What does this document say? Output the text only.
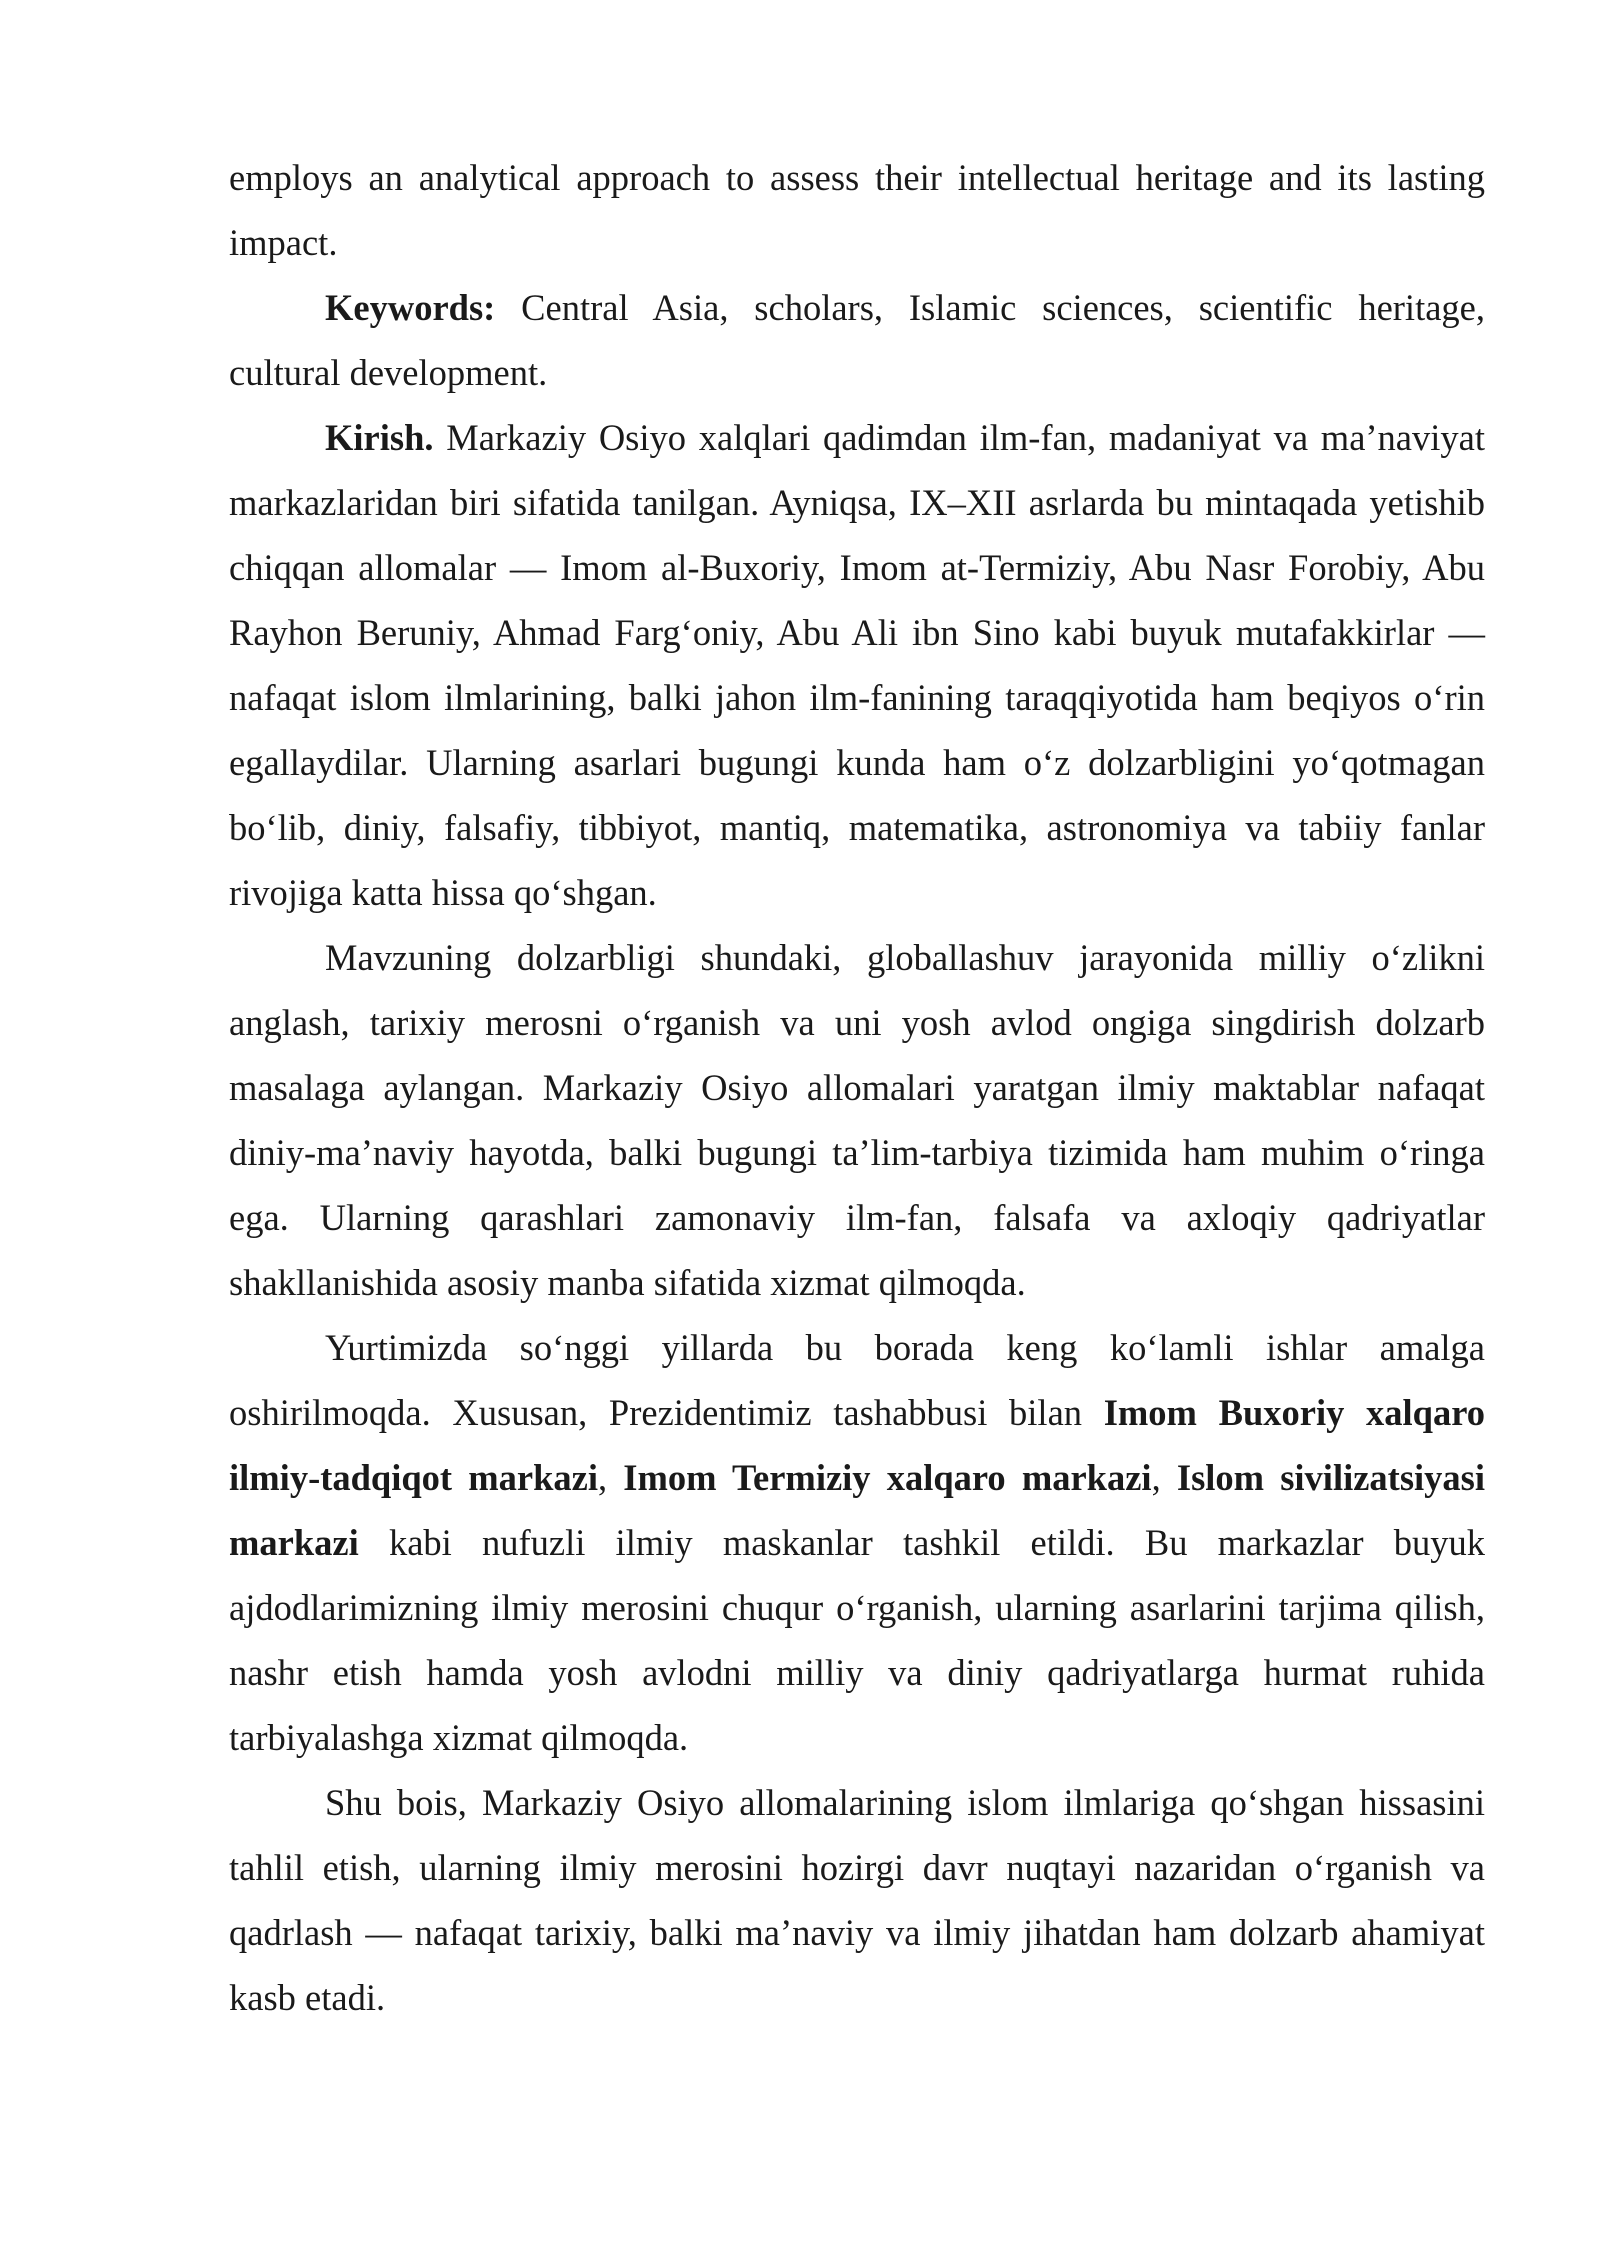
employs an analytical approach to assess their intellectual heritage and its lasting impact.

Keywords: Central Asia, scholars, Islamic sciences, scientific heritage, cultural development.

Kirish. Markaziy Osiyo xalqlari qadimdan ilm-fan, madaniyat va ma’naviyat markazlaridan biri sifatida tanilgan. Ayniqsa, IX–XII asrlarda bu mintaqada yetishib chiqqan allomalar — Imom al-Buxoriy, Imom at-Termiziy, Abu Nasr Forobiy, Abu Rayhon Beruniy, Ahmad Farg‘oniy, Abu Ali ibn Sino kabi buyuk mutafakkirlar — nafaqat islom ilmlarining, balki jahon ilm-fanining taraqqiyotida ham beqiyos o‘rin egallaydilar. Ularning asarlari bugungi kunda ham o‘z dolzarbligini yo‘qotmagan bo‘lib, diniy, falsafiy, tibbiyot, mantiq, matematika, astronomiya va tabiiy fanlar rivojiga katta hissa qo‘shgan.

Mavzuning dolzarbligi shundaki, globallashuv jarayonida milliy o‘zlikni anglash, tarixiy merosni o‘rganish va uni yosh avlod ongiga singdirish dolzarb masalaga aylangan. Markaziy Osiyo allomalari yaratgan ilmiy maktablar nafaqat diniy-ma’naviy hayotda, balki bugungi ta’lim-tarbiya tizimida ham muhim o‘ringa ega. Ularning qarashlari zamonaviy ilm-fan, falsafa va axloqiy qadriyatlar shakllanishida asosiy manba sifatida xizmat qilmoqda.

Yurtimizda so‘nggi yillarda bu borada keng ko‘lamli ishlar amalga oshirilmoqda. Xususan, Prezidentimiz tashabbusi bilan Imom Buxoriy xalqaro ilmiy-tadqiqot markazi, Imom Termiziy xalqaro markazi, Islom sivilizatsiyasi markazi kabi nufuzli ilmiy maskanlar tashkil etildi. Bu markazlar buyuk ajdodlarimizning ilmiy merosini chuqur o‘rganish, ularning asarlarini tarjima qilish, nashr etish hamda yosh avlodni milliy va diniy qadriyatlarga hurmat ruhida tarbiyalashga xizmat qilmoqda.

Shu bois, Markaziy Osiyo allomalarining islom ilmlariga qo‘shgan hissasini tahlil etish, ularning ilmiy merosini hozirgi davr nuqtayi nazaridan o‘rganish va qadrlash — nafaqat tarixiy, balki ma’naviy va ilmiy jihatdan ham dolzarb ahamiyat kasb etadi.
